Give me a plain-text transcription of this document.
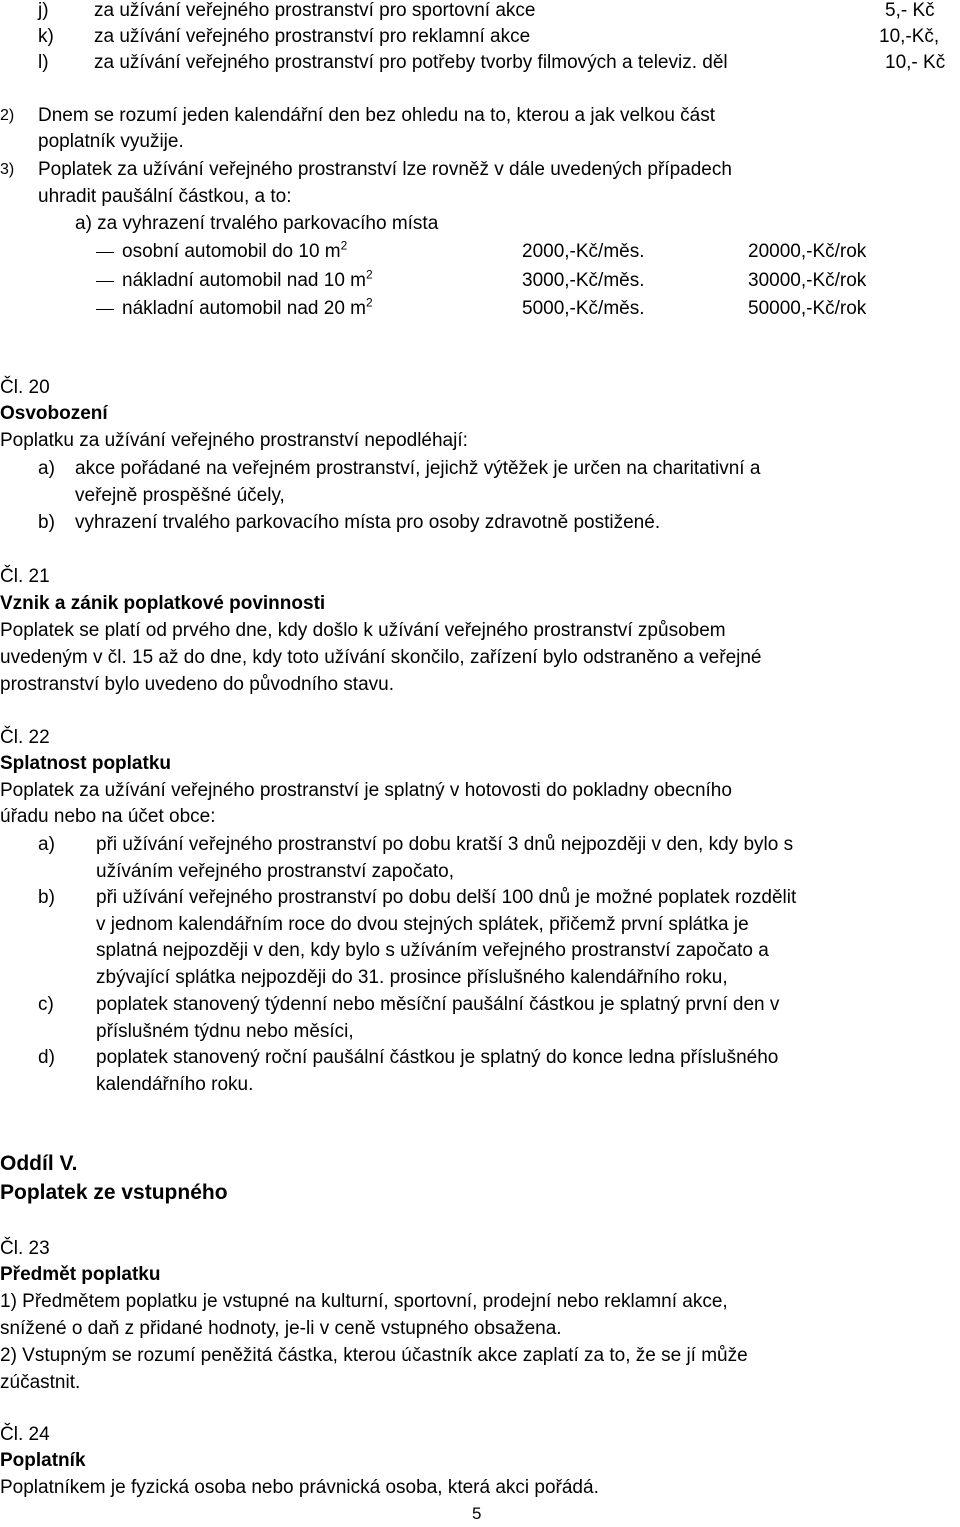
j) za užívání veřejného prostranství pro sportovní akce	5,- Kč
k) za užívání veřejného prostranství pro reklamní akce	10,-Kč,
l) za užívání veřejného prostranství pro potřeby tvorby filmových a televiz. děl	10,- Kč
2) Dnem se rozumí jeden kalendářní den bez ohledu na to, kterou a jak velkou část
poplatník využije.
3) Poplatek za užívání veřejného prostranství lze rovněž v dále uvedených případech
uhradit paušální částkou, a to:
a) za vyhrazení trvalého parkovacího místa
osobní automobil do 10 $m^2$	2000,-Kč/měs.	20000,-Kč/rok
nákladní automobil nad 10 $m^2$	3000,-Kč/měs.	30000,-Kč/rok
nákladní automobil nad 20 $m^2$	5000,-Kč/měs.	50000,-Kč/rok
Čl. 20
Osvobození
Poplatku za užívání veřejného prostranství nepodléhají:
a) akce pořádané na veřejném prostranství, jejichž výtěžek je určen na charitativní a
veřejně prospěšné účely,
b) vyhrazení trvalého parkovacího místa pro osoby zdravotně postižené.
Čl. 21
Vznik a zánik poplatkové povinnosti
Poplatek se platí od prvého dne, kdy došlo k užívání veřejného prostranství způsobem
uvedeným v čl. 15 až do dne, kdy toto užívání skončilo, zařízení bylo odstraněno a veřejné
prostranství bylo uvedeno do původního stavu.
Čl. 22
Splatnost poplatku
Poplatek za užívání veřejného prostranství je splatný v hotovosti do pokladny obecního
úřadu nebo na účet obce:
a) při užívání veřejného prostranství po dobu kratší 3 dnů nejpozději v den, kdy bylo s
užíváním veřejného prostranství započato,
b) při užívání veřejného prostranství po dobu delší 100 dnů je možné poplatek rozdělit
v jednom kalendářním roce do dvou stejných splátek, přičemž první splátka je
splatná nejpozději v den, kdy bylo s užíváním veřejného prostranství započato a
zbývající splátka nejpozději do 31. prosince příslušného kalendářního roku,
c) poplatek stanovený týdenní nebo měsíční paušální částkou je splatný první den v
příslušném týdnu nebo měsíci,
d) poplatek stanovený roční paušální částkou je splatný do konce ledna příslušného
kalendářního roku.
Oddíl V.
Poplatek ze vstupného
Čl. 23
Předmět poplatku
1) Předmětem poplatku je vstupné na kulturní, sportovní, prodejní nebo reklamní akce,
snížené o daň z přidané hodnoty, je-li v ceně vstupného obsažena.
2) Vstupným se rozumí peněžitá částka, kterou účastník akce zaplatí za to, že se jí může
zúčastnit.
Čl. 24
Poplatník
Poplatníkem je fyzická osoba nebo právnická osoba, která akci pořádá.
5
